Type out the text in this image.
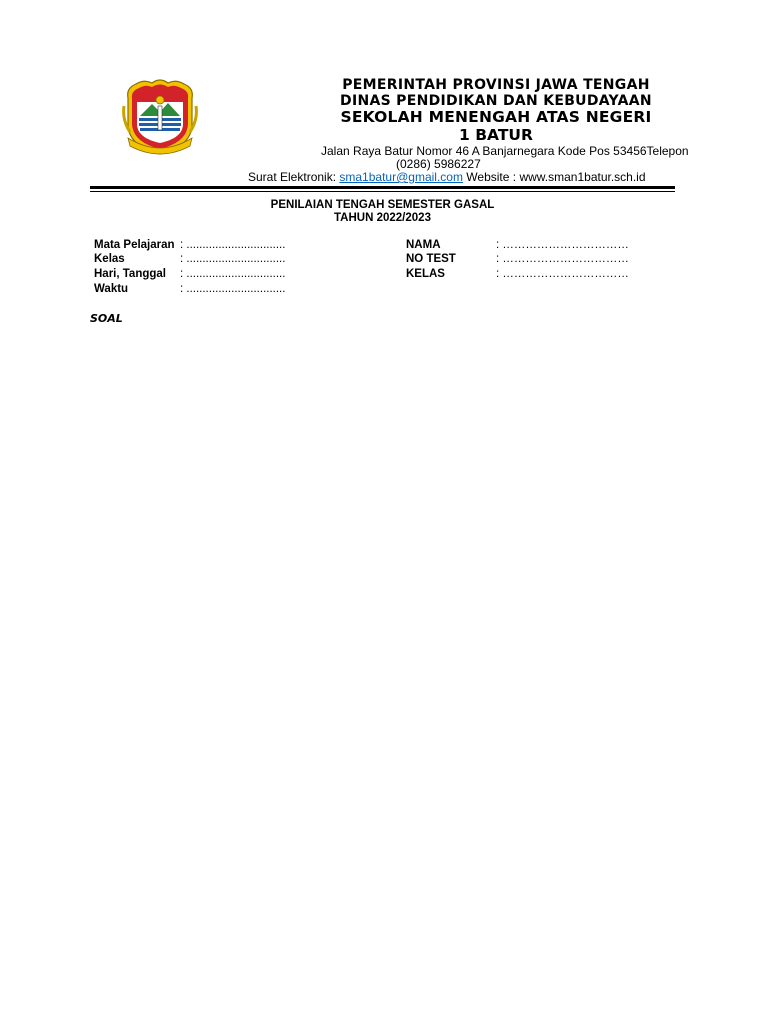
PEMERINTAH PROVINSI JAWA TENGAH
DINAS PENDIDIKAN DAN KEBUDAYAAN
SEKOLAH MENENGAH ATAS NEGERI
1 BATUR
Jalan Raya Batur Nomor 46 A Banjarnegara Kode Pos 53456Telepon
(0286) 5986227
Surat Elektronik: sma1batur@gmail.com Website : www.sman1batur.sch.id
PENILAIAN TENGAH SEMESTER GASAL
TAHUN 2022/2023
Mata Pelajaran : ...............................
Kelas	: ...............................
Hari, Tanggal : ...............................
Waktu	: ...............................
NAMA	: ……………………………
NO TEST	: ……………………………
KELAS	: ……………………………
SOAL
